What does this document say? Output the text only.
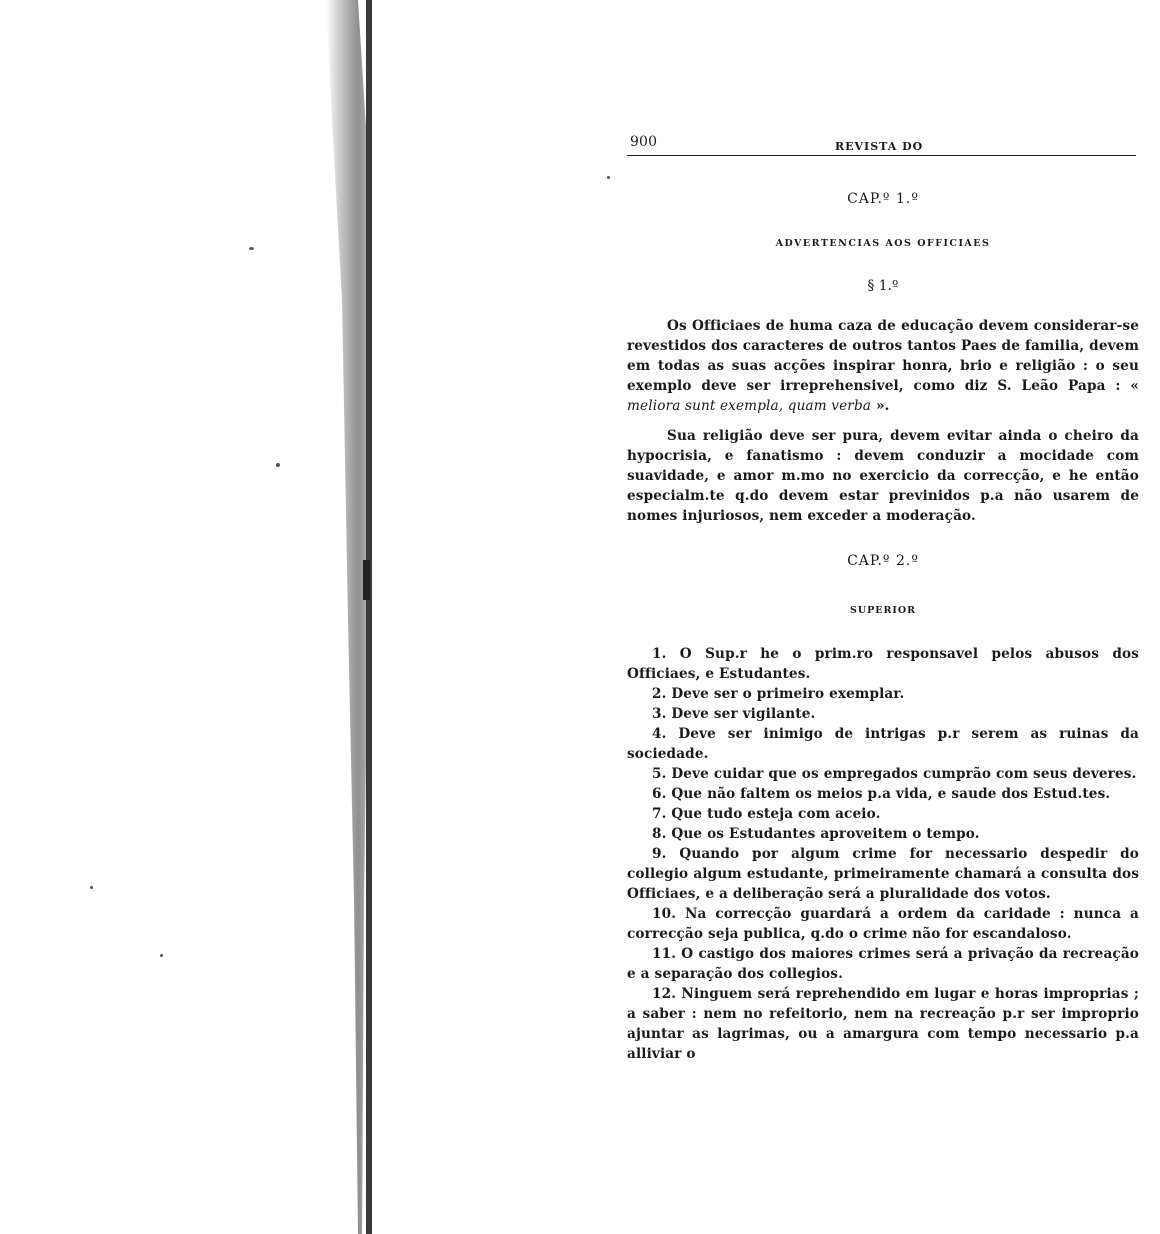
900	REVISTA DO
CAP.º 1.º
ADVERTENCIAS AOS OFFICIAES
§ 1.º

Os Officiaes de huma caza de educação devem considerar-se revestidos dos caracteres de outros tantos Paes de familia, devem em todas as suas acções inspirar honra, brio e religião : o seu exemplo deve ser irreprehensivel, como diz S. Leão Papa : « meliora sunt exempla, quam verba ».

Sua religião deve ser pura, devem evitar ainda o cheiro da hypocrisia, e fanatismo : devem conduzir a mocidade com suavidade, e amor m.mo no exercicio da correcção, e he então especialm.te q.do devem estar previnidos p.a não usarem de nomes injuriosos, nem exceder a moderação.

CAP.º 2.º
SUPERIOR

1. O Sup.r he o prim.ro responsavel pelos abusos dos Officiaes, e Estudantes.

2. Deve ser o primeiro exemplar.

3. Deve ser vigilante.

4. Deve ser inimigo de intrigas p.r serem as ruinas da sociedade.

5. Deve cuidar que os empregados cumprão com seus deveres.

6. Que não faltem os meios p.a vida, e saude dos Estud.tes.

7. Que tudo esteja com aceio.

8. Que os Estudantes aproveitem o tempo.

9. Quando por algum crime for necessario despedir do collegio algum estudante, primeiramente chamará a consulta dos Officiaes, e a deliberação será a pluralidade dos votos.

10. Na correcção guardará a ordem da caridade : nunca a correcção seja publica, q.do o crime não for escandaloso.

11. O castigo dos maiores crimes será a privação da recreação e a separação dos collegios.

12. Ninguem será reprehendido em lugar e horas improprias ; a saber : nem no refeitorio, nem na recreação p.r ser improprio ajuntar as lagrimas, ou a amargura com tempo necessario p.a alliviar o
